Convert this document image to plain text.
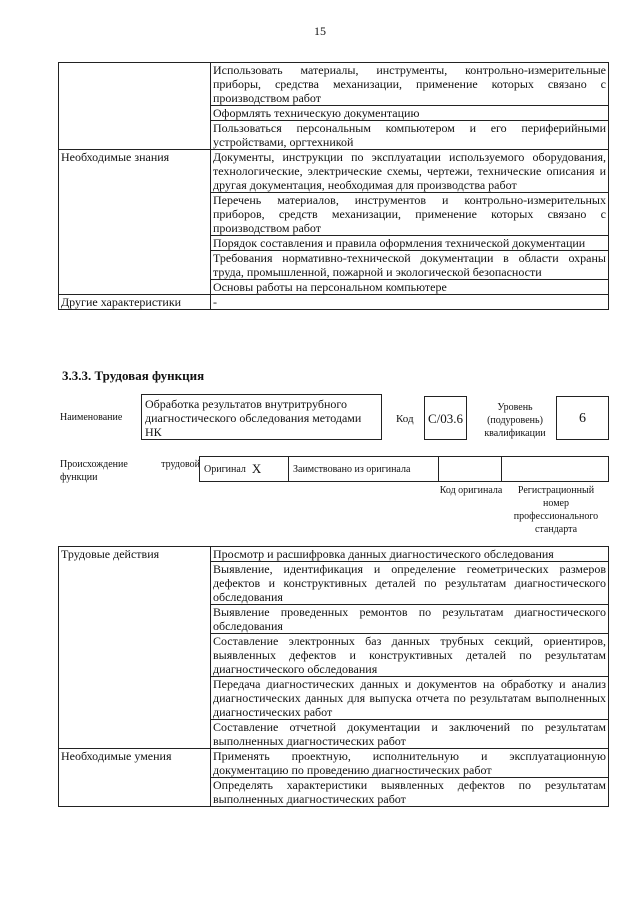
15
	Использовать материалы, инструменты, контрольно-измерительные приборы, средства механизации, применение которых связано с производством работ
	Оформлять техническую документацию
	Пользоваться персональным компьютером и его периферийными устройствами, оргтехникой
Необходимые знания	Документы, инструкции по эксплуатации используемого оборудования, технологические, электрические схемы, чертежи, технические описания и другая документация, необходимая для производства работ
	Перечень материалов, инструментов и контрольно-измерительных приборов, средств механизации, применение которых связано с производством работ
	Порядок составления и правила оформления технической документации
	Требования нормативно-технической документации в области охраны труда, промышленной, пожарной и экологической безопасности
	Основы работы на персональном компьютере
Другие характеристики	-
3.3.3. Трудовая функция
Наименование
Обработка результатов внутритрубного диагностического обследования методами НК
Код	C/03.6
Уровень (подуровень) квалификации
6
Происхождение трудовой функции
Оригинал X	Заимствовано из оригинала
Код оригинала	Регистрационный номер профессионального стандарта
Трудовые действия	Просмотр и расшифровка данных диагностического обследования
	Выявление, идентификация и определение геометрических размеров дефектов и конструктивных деталей по результатам диагностического обследования
	Выявление проведенных ремонтов по результатам диагностического обследования
	Составление электронных баз данных трубных секций, ориентиров, выявленных дефектов и конструктивных деталей по результатам диагностического обследования
	Передача диагностических данных и документов на обработку и анализ диагностических данных для выпуска отчета по результатам выполненных диагностических работ
	Составление отчетной документации и заключений по результатам выполненных диагностических работ
Необходимые умения	Применять проектную, исполнительную и эксплуатационную документацию по проведению диагностических работ
	Определять характеристики выявленных дефектов по результатам выполненных диагностических работ
